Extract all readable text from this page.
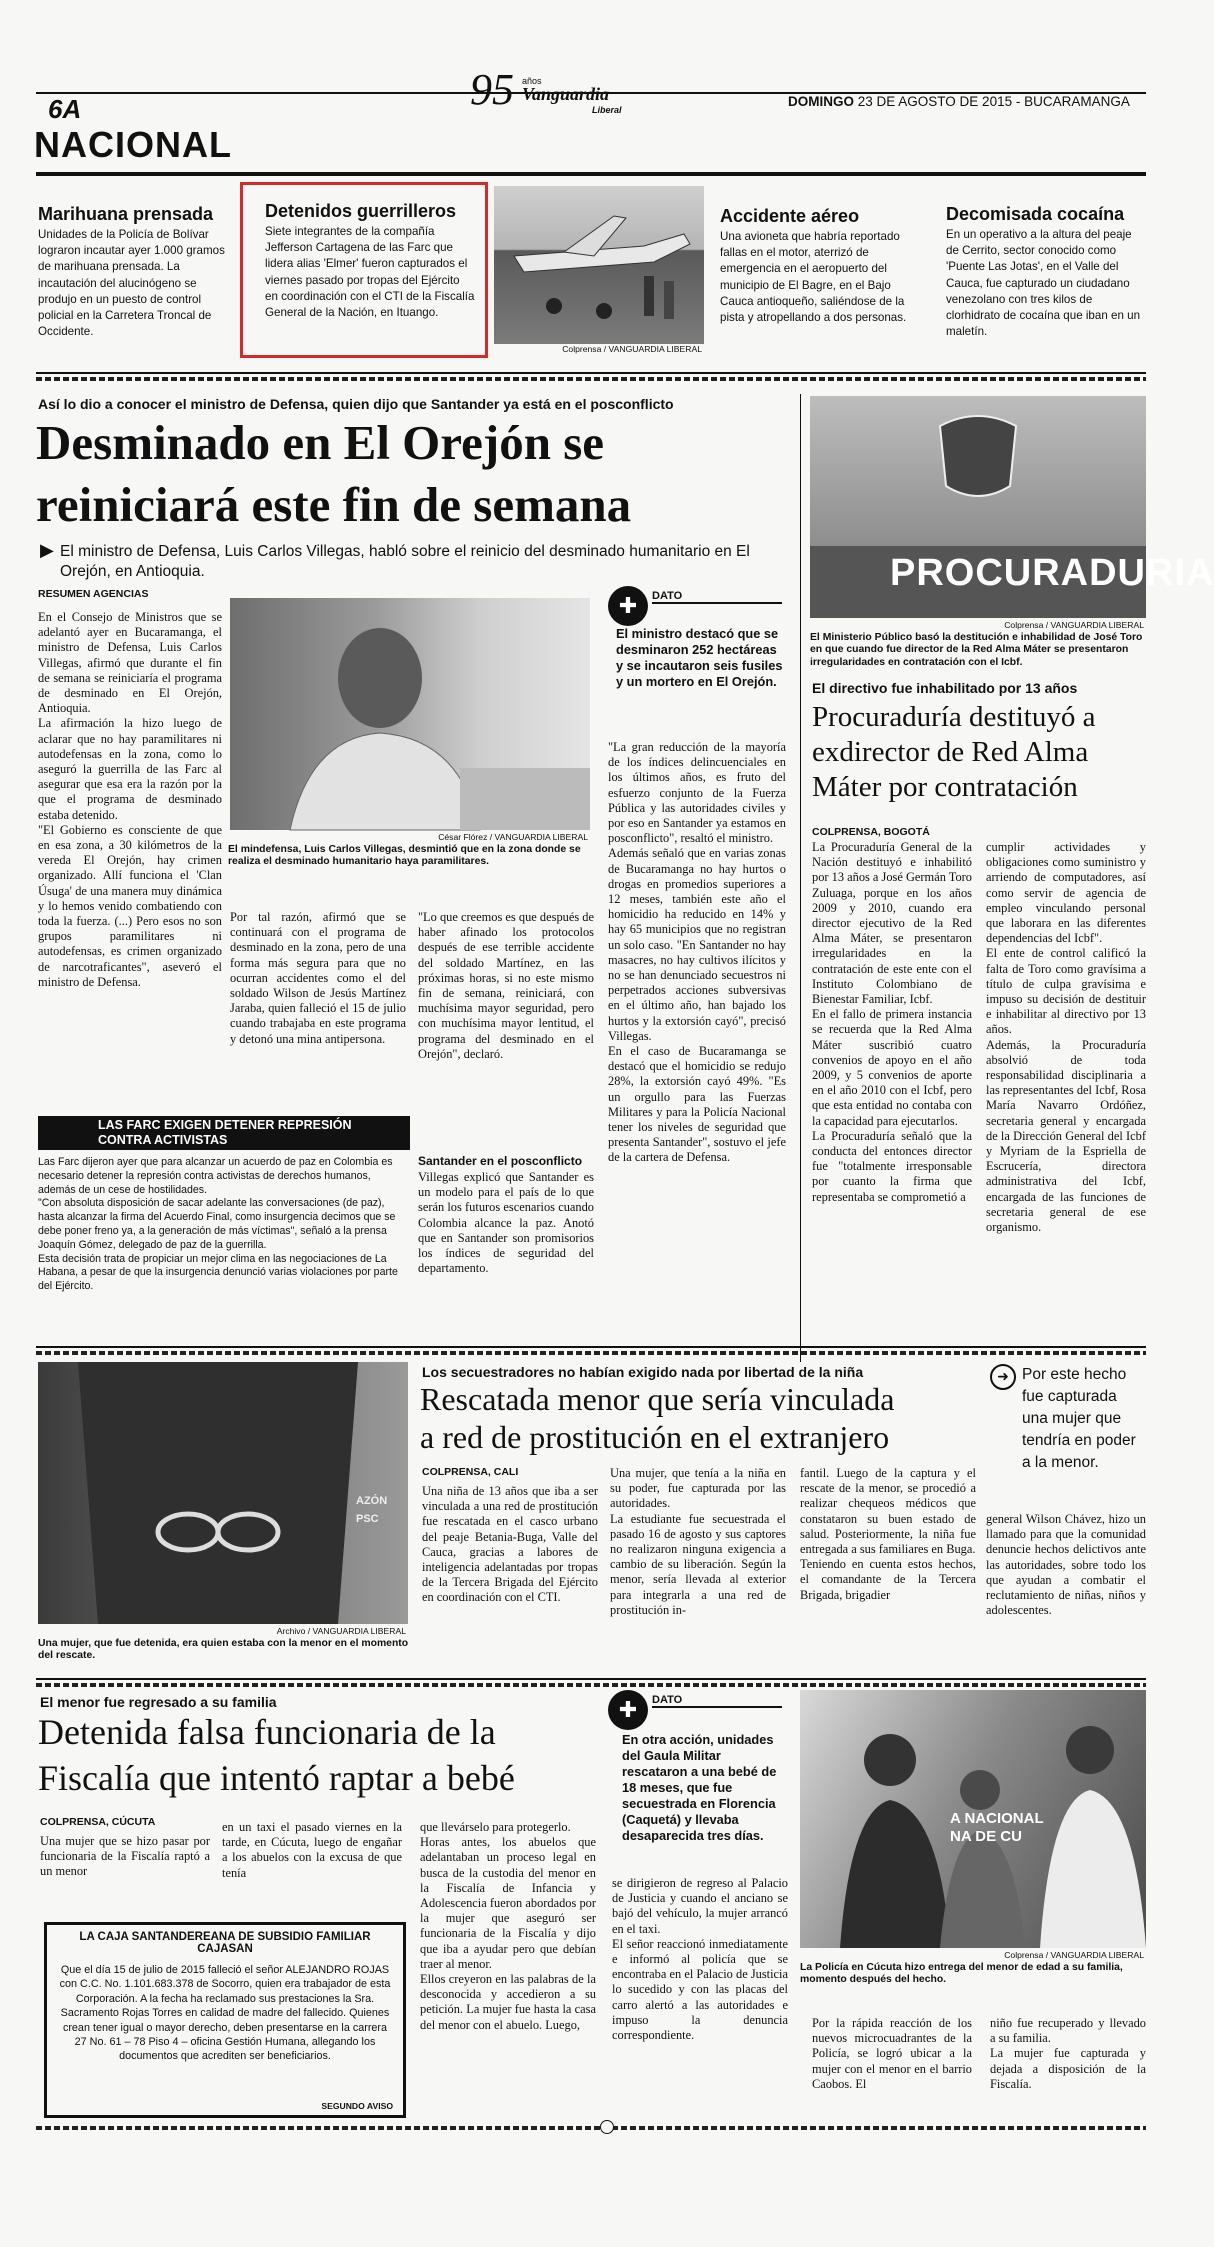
6A	95 años
Vanguardia
Liberal
DOMINGO 23 DE AGOSTO DE 2015 - BUCARAMANGA
NACIONAL
Marihuana prensada

Unidades de la Policía de Bolívar lograron incautar ayer 1.000 gramos de marihuana prensada. La incautación del alucinógeno se produjo en un puesto de control policial en la Carretera Troncal de Occidente.

Detenidos guerrilleros

Siete integrantes de la compañía Jefferson Cartagena de las Farc que lidera alias 'Elmer' fueron capturados el viernes pasado por tropas del Ejército en coordinación con el CTI de la Fiscalía General de la Nación, en Ituango.

Colprensa / VANGUARDIA LIBERAL
Accidente aéreo

Una avioneta que habría reportado fallas en el motor, aterrizó de emergencia en el aeropuerto del municipio de El Bagre, en el Bajo Cauca antioqueño, saliéndose de la pista y atropellando a dos personas.

Decomisada cocaína

En un operativo a la altura del peaje de Cerrito, sector conocido como 'Puente Las Jotas', en el Valle del Cauca, fue capturado un ciudadano venezolano con tres kilos de clorhidrato de cocaína que iban en un maletín.

Así lo dio a conocer el ministro de Defensa, quien dijo que Santander ya está en el posconflicto
Desminado en El Orejón se
reiniciará este fin de semana
▶ El ministro de Defensa, Luis Carlos Villegas, habló sobre el reinicio del desminado humanitario en El Orejón, en Antioquia.

RESUMEN AGENCIAS

En el Consejo de Ministros que se adelantó ayer en Bucaramanga, el ministro de Defensa, Luis Carlos Villegas, afirmó que durante el fin de semana se reiniciaría el programa de desminado en El Orejón, Antioquia.
La afirmación la hizo luego de aclarar que no hay paramilitares ni autodefensas en la zona, como lo aseguró la guerrilla de las Farc al asegurar que esa era la razón por la que el programa de desminado estaba detenido.
"El Gobierno es consciente de que en esa zona, a 30 kilómetros de la vereda El Orejón, hay crimen organizado. Allí funciona el 'Clan Úsuga' de una manera muy dinámica y lo hemos venido combatiendo con toda la fuerza. (...) Pero esos no son grupos paramilitares ni autodefensas, es crimen organizado de narcotraficantes", aseveró el ministro de Defensa.

César Flórez / VANGUARDIA LIBERAL

El mindefensa, Luis Carlos Villegas, desmintió que en la zona donde se realiza el desminado humanitario haya paramilitares.

✚	DATO

El ministro destacó que se desminaron 252 hectáreas y se incautaron seis fusiles y un mortero en El Orejón.

Por tal razón, afirmó que se continuará con el programa de desminado en la zona, pero de una forma más segura para que no ocurran accidentes como el del soldado Wilson de Jesús Martínez Jaraba, quien falleció el 15 de julio cuando trabajaba en este programa y detonó una mina antipersona.

"Lo que creemos es que después de haber afinado los protocolos después de ese terrible accidente del soldado Martínez, en las próximas horas, si no este mismo fin de semana, reiniciará, con muchísima mayor seguridad, pero con muchísima mayor lentitud, el programa del desminado en el Orejón", declaró.

Santander en el posconflicto

Villegas explicó que Santander es un modelo para el país de lo que serán los futuros escenarios cuando Colombia alcance la paz. Anotó que en Santander son promisorios los índices de seguridad del departamento.

"La gran reducción de la mayoría de los índices delincuenciales en los últimos años, es fruto del esfuerzo conjunto de la Fuerza Pública y las autoridades civiles y por eso en Santander ya estamos en posconflicto", resaltó el ministro.
Además señaló que en varias zonas de Bucaramanga no hay hurtos o drogas en promedios superiores a 12 meses, también este año el homicidio ha reducido en 14% y hay 65 municipios que no registran un solo caso. "En Santander no hay masacres, no hay cultivos ilícitos y no se han denunciado secuestros ni perpetrados acciones subversivas en el último año, han bajado los hurtos y la extorsión cayó", precisó Villegas.
En el caso de Bucaramanga se destacó que el homicidio se redujo 28%, la extorsión cayó 49%. "Es un orgullo para las Fuerzas Militares y para la Policía Nacional tener los niveles de seguridad que presenta Santander", sostuvo el jefe de la cartera de Defensa.

LAS FARC EXIGEN DETENER REPRESIÓN CONTRA ACTIVISTAS

Las Farc dijeron ayer que para alcanzar un acuerdo de paz en Colombia es necesario detener la represión contra activistas de derechos humanos, además de un cese de hostilidades.
"Con absoluta disposición de sacar adelante las conversaciones (de paz), hasta alcanzar la firma del Acuerdo Final, como insurgencia decimos que se debe poner freno ya, a la generación de más víctimas", señaló a la prensa Joaquín Gómez, delegado de paz de la guerrilla.
Esta decisión trata de propiciar un mejor clima en las negociaciones de La Habana, a pesar de que la insurgencia denunció varias violaciones por parte del Ejército.

PROCURADURIA
Colprensa / VANGUARDIA LIBERAL

El Ministerio Público basó la destitución e inhabilidad de José Toro en que cuando fue director de la Red Alma Máter se presentaron irregularidades en contratación con el Icbf.

El directivo fue inhabilitado por 13 años
Procuraduría destituyó a exdirector de Red Alma Máter por contratación
COLPRENSA, BOGOTÁ

La Procuraduría General de la Nación destituyó e inhabilitó por 13 años a José Germán Toro Zuluaga, porque en los años 2009 y 2010, cuando era director ejecutivo de la Red Alma Máter, se presentaron irregularidades en la contratación de este ente con el Instituto Colombiano de Bienestar Familiar, Icbf.
En el fallo de primera instancia se recuerda que la Red Alma Máter suscribió cuatro convenios de apoyo en el año 2009, y 5 convenios de aporte en el año 2010 con el Icbf, pero que esta entidad no contaba con la capacidad para ejecutarlos.
La Procuraduría señaló que la conducta del entonces director fue "totalmente irresponsable por cuanto la firma que representaba se comprometió a

cumplir actividades y obligaciones como suministro y arriendo de computadores, así como servir de agencia de empleo vinculando personal que laborara en las diferentes dependencias del Icbf".
El ente de control calificó la falta de Toro como gravísima a título de culpa gravísima e impuso su decisión de destituir e inhabilitar al directivo por 13 años.
Además, la Procuraduría absolvió de toda responsabilidad disciplinaria a las representantes del Icbf, Rosa María Navarro Ordóñez, secretaria general y encargada de la Dirección General del Icbf y Myriam de la Espriella de Escrucería, directora administrativa del Icbf, encargada de las funciones de secretaria general de ese organismo.

AZÓN
PSC
Archivo / VANGUARDIA LIBERAL

Una mujer, que fue detenida, era quien estaba con la menor en el momento del rescate.

Los secuestradores no habían exigido nada por libertad de la niña
Rescatada menor que sería vinculada
a red de prostitución en el extranjero
COLPRENSA, CALI

Una niña de 13 años que iba a ser vinculada a una red de prostitución fue rescatada en el casco urbano del peaje Betania-Buga, Valle del Cauca, gracias a labores de inteligencia adelantadas por tropas de la Tercera Brigada del Ejército en coordinación con el CTI.

Una mujer, que tenía a la niña en su poder, fue capturada por las autoridades.
La estudiante fue secuestrada el pasado 16 de agosto y sus captores no realizaron ninguna exigencia a cambio de su liberación. Según la menor, sería llevada al exterior para integrarla a una red de prostitución in-

fantil. Luego de la captura y el rescate de la menor, se procedió a realizar chequeos médicos que constataron su buen estado de salud. Posteriormente, la niña fue entregada a sus familiares en Buga.
Teniendo en cuenta estos hechos, el comandante de la Tercera Brigada, brigadier

➜ Por este hecho fue capturada una mujer que tendría en poder a la menor.

general Wilson Chávez, hizo un llamado para que la comunidad denuncie hechos delictivos ante las autoridades, sobre todo los que ayudan a combatir el reclutamiento de niñas, niños y adolescentes.

El menor fue regresado a su familia
Detenida falsa funcionaria de la
Fiscalía que intentó raptar a bebé
COLPRENSA, CÚCUTA

Una mujer que se hizo pasar por funcionaria de la Fiscalía raptó a un menor

en un taxi el pasado viernes en la tarde, en Cúcuta, luego de engañar a los abuelos con la excusa de que tenía

que llevárselo para protegerlo.
Horas antes, los abuelos que adelantaban un proceso legal en busca de la custodia del menor en la Fiscalía de Infancia y Adolescencia fueron abordados por la mujer que aseguró ser funcionaria de la Fiscalía y dijo que iba a ayudar pero que debían traer al menor.
Ellos creyeron en las palabras de la desconocida y accedieron a su petición. La mujer fue hasta la casa del menor con el abuelo. Luego,

✚	DATO

En otra acción, unidades del Gaula Militar rescataron a una bebé de 18 meses, que fue secuestrada en Florencia (Caquetá) y llevaba desaparecida tres días.

se dirigieron de regreso al Palacio de Justicia y cuando el anciano se bajó del vehículo, la mujer arrancó en el taxi.
El señor reaccionó inmediatamente e informó al policía que se encontraba en el Palacio de Justicia lo sucedido y con las placas del carro alertó a las autoridades e impuso la denuncia correspondiente.

A NACIONAL
NA DE CU
Colprensa / VANGUARDIA LIBERAL

La Policía en Cúcuta hizo entrega del menor de edad a su familia, momento después del hecho.

Por la rápida reacción de los nuevos microcuadrantes de la Policía, se logró ubicar a la mujer con el menor en el barrio Caobos. El

niño fue recuperado y llevado a su familia.
La mujer fue capturada y dejada a disposición de la Fiscalía.

LA CAJA SANTANDEREANA DE SUBSIDIO FAMILIAR
CAJASAN

Que el día 15 de julio de 2015 falleció el señor ALEJANDRO ROJAS con C.C. No. 1.101.683.378 de Socorro, quien era trabajador de esta Corporación. A la fecha ha reclamado sus prestaciones la Sra. Sacramento Rojas Torres en calidad de madre del fallecido. Quienes crean tener igual o mayor derecho, deben presentarse en la carrera 27 No. 61 – 78 Piso 4 – oficina Gestión Humana, allegando los documentos que acrediten ser beneficiarios.

SEGUNDO AVISO
